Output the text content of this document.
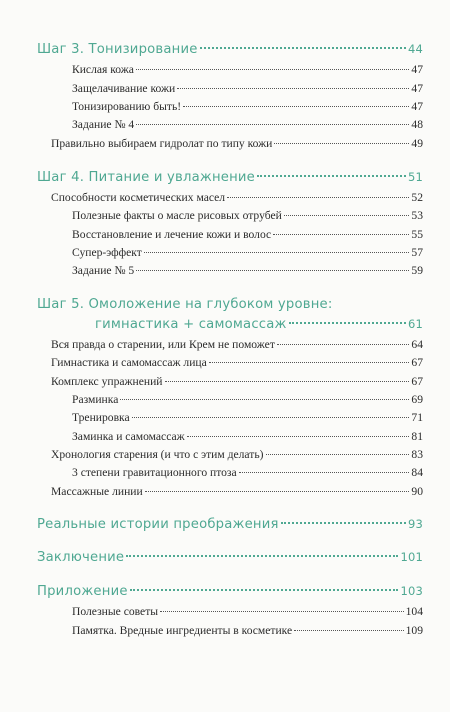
Шаг 3. Тонизирование	44
Кислая кожа	47
Защелачивание кожи	47
Тонизированию быть!	47
Задание № 4	48
Правильно выбираем гидролат по типу кожи	49
Шаг 4. Питание и увлажнение	51
Способности косметических масел	52
Полезные факты о масле рисовых отрубей	53
Восстановление и лечение кожи и волос	55
Супер-эффект	57
Задание № 5	59
Шаг 5. Омоложение на глубоком уровне:
гимнастика + самомассаж	61
Вся правда о старении, или Крем не поможет	64
Гимнастика и самомассаж лица	67
Комплекс упражнений	67
Разминка	69
Тренировка	71
Заминка и самомассаж	81
Хронология старения (и что с этим делать)	83
3 степени гравитационного птоза	84
Массажные линии	90
Реальные истории преображения	93
Заключение	101
Приложение	103
Полезные советы	104
Памятка. Вредные ингредиенты в косметике	109
